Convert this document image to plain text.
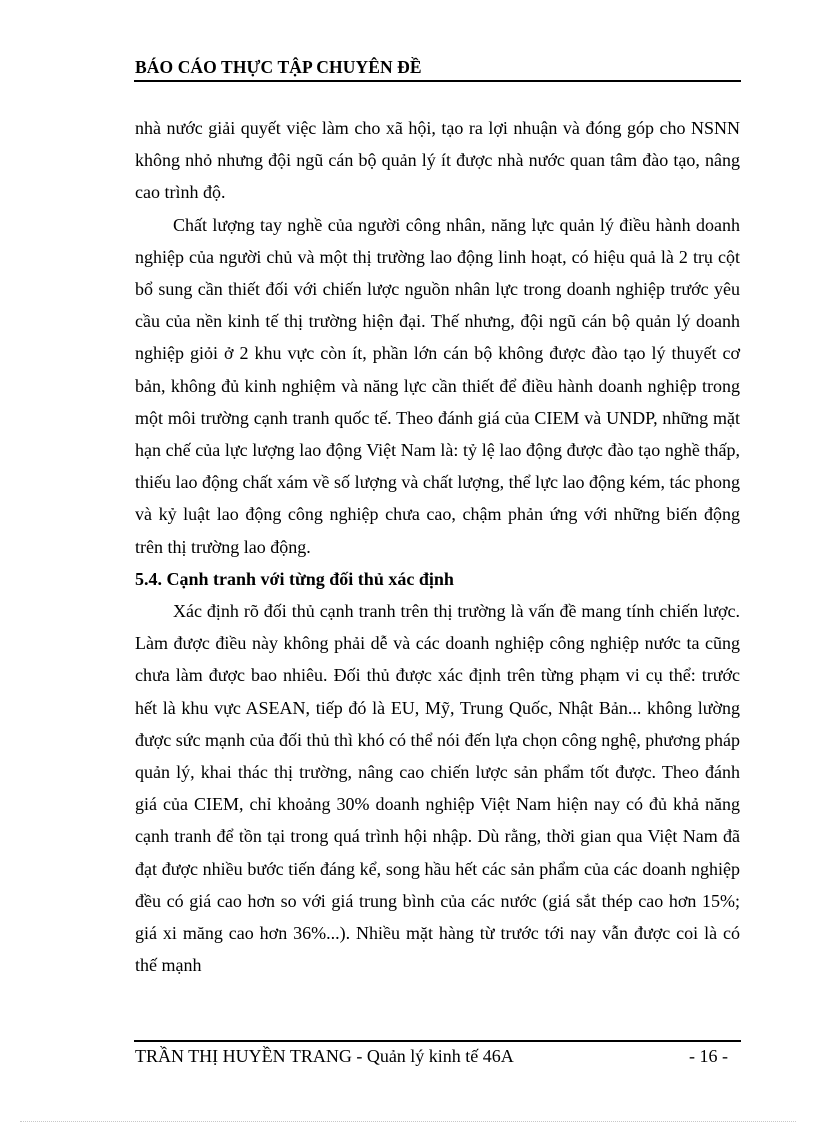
BÁO CÁO THỰC TẬP CHUYÊN ĐỀ

nhà nước giải quyết việc làm cho xã hội, tạo ra lợi nhuận và đóng góp cho NSNN không nhỏ nhưng đội ngũ cán bộ quản lý ít được nhà nước quan tâm đào tạo, nâng cao trình độ.

Chất lượng tay nghề của người công nhân, năng lực quản lý điều hành doanh nghiệp của người chủ và một thị trường lao động linh hoạt, có hiệu quả là 2 trụ cột bổ sung cần thiết đối với chiến lược nguồn nhân lực trong doanh nghiệp trước yêu cầu của nền kinh tế thị trường hiện đại. Thế nhưng, đội ngũ cán bộ quản lý doanh nghiệp giỏi ở 2 khu vực còn ít, phần lớn cán bộ không được đào tạo lý thuyết cơ bản, không đủ kinh nghiệm và năng lực cần thiết để điều hành doanh nghiệp trong một môi trường cạnh tranh quốc tế. Theo đánh giá của CIEM và UNDP, những mặt hạn chế của lực lượng lao động Việt Nam là: tỷ lệ lao động được đào tạo nghề thấp, thiếu lao động chất xám về số lượng và chất lượng, thể lực lao động kém, tác phong và kỷ luật lao động công nghiệp chưa cao, chậm phản ứng với những biến động trên thị trường lao động.

5.4. Cạnh tranh với từng đối thủ xác định

Xác định rõ đối thủ cạnh tranh trên thị trường là vấn đề mang tính chiến lược. Làm được điều này không phải dễ và các doanh nghiệp công nghiệp nước ta cũng chưa làm được bao nhiêu. Đối thủ được xác định trên từng phạm vi cụ thể: trước hết là khu vực ASEAN, tiếp đó là EU, Mỹ, Trung Quốc, Nhật Bản... không lường được sức mạnh của đối thủ thì khó có thể nói đến lựa chọn công nghệ, phương pháp quản lý, khai thác thị trường, nâng cao chiến lược sản phẩm tốt được. Theo đánh giá của CIEM, chỉ khoảng 30% doanh nghiệp Việt Nam hiện nay có đủ khả năng cạnh tranh để tồn tại trong quá trình hội nhập. Dù rằng, thời gian qua Việt Nam đã đạt được nhiều bước tiến đáng kể, song hầu hết các sản phẩm của các doanh nghiệp đều có giá cao hơn so với giá trung bình của các nước (giá sắt thép cao hơn 15%; giá xi măng cao hơn 36%...). Nhiều mặt hàng từ trước tới nay vẫn được coi là có thế mạnh

TRẦN THỊ HUYỀN TRANG - Quản lý kinh tế 46A	- 16 -
